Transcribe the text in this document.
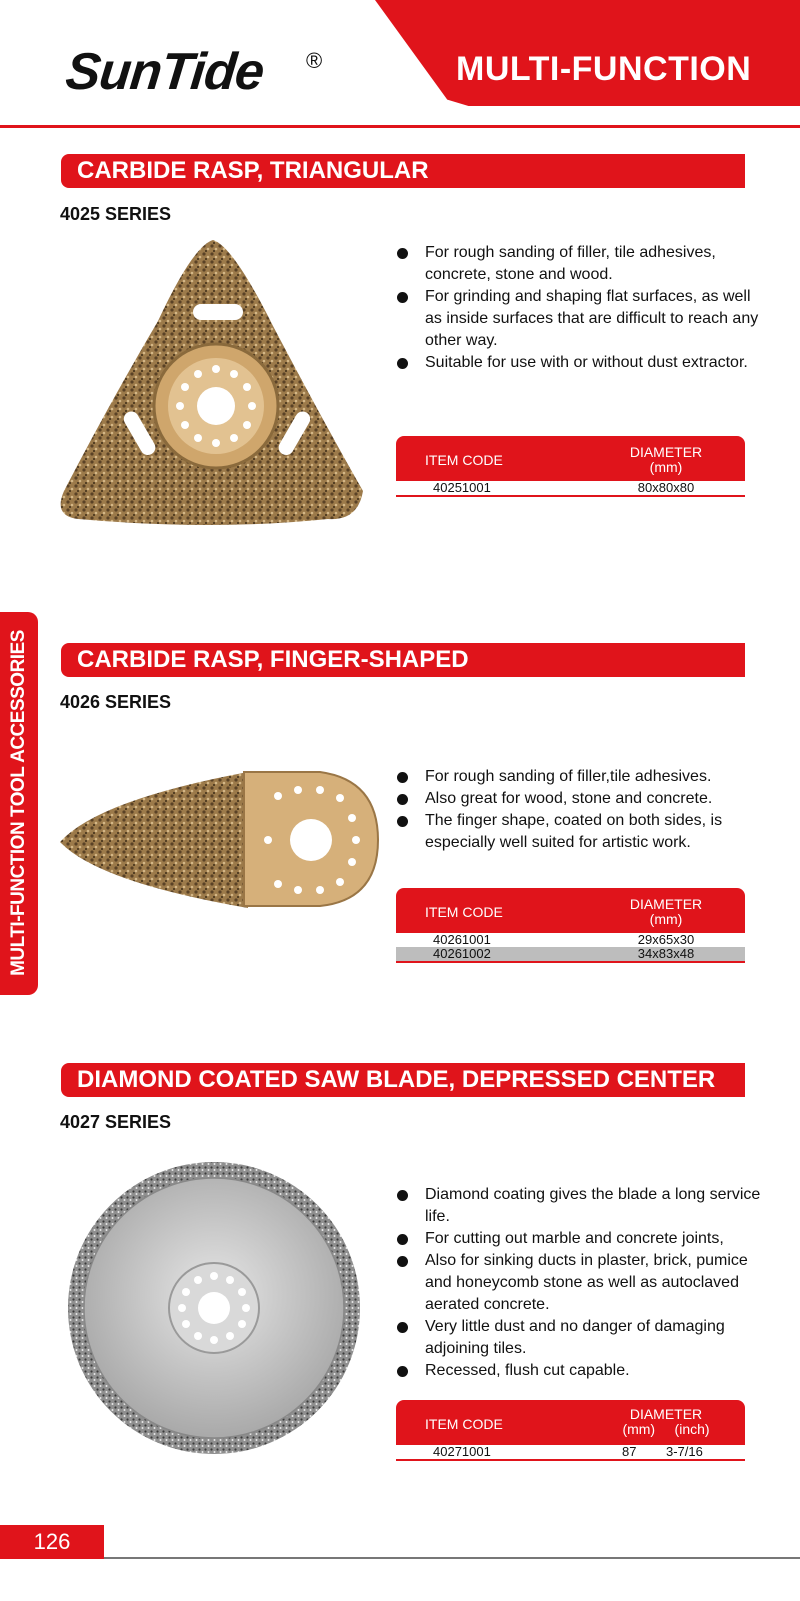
SunTide ®	MULTI-FUNCTION
MULTI-FUNCTION TOOL ACCESSORIES
CARBIDE RASP, TRIANGULAR
4025 SERIES
For rough sanding of filler, tile adhesives, concrete, stone and wood.
For grinding and shaping flat surfaces, as well as inside surfaces that are difficult to reach any other way.
Suitable for use with or without dust extractor.
ITEM CODE	DIAMETER
(mm)
40251001	80x80x80
CARBIDE RASP, FINGER-SHAPED
4026 SERIES
For rough sanding of filler,tile adhesives.
Also great for wood, stone and concrete.
The finger shape, coated on both sides, is especially well suited for artistic work.
ITEM CODE	DIAMETER
(mm)
40261001	29x65x30
40261002	34x83x48
DIAMOND COATED SAW BLADE, DEPRESSED CENTER
4027 SERIES
Diamond coating gives the blade a long service life.
For cutting out marble and concrete joints,
Also for sinking ducts in plaster, brick, pumice and honeycomb stone as well as autoclaved aerated concrete.
Very little dust and no danger of damaging adjoining tiles.
Recessed, flush cut capable.
ITEM CODE
DIAMETER
(mm) (inch)
40271001	87 3-7/16
126
